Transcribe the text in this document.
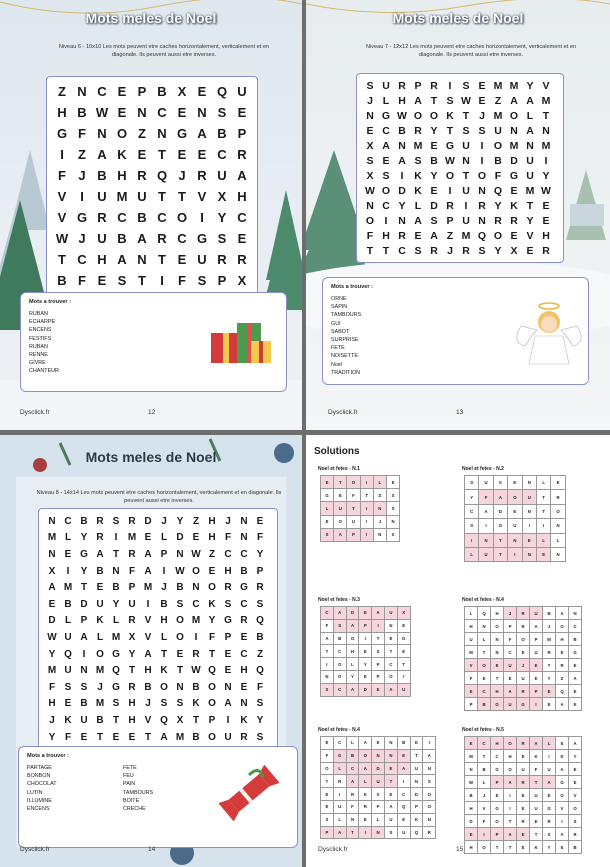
Mots meles de Noel
Niveau 6 - 10x10 Les mots peuvent etre caches horizontalement, verticalement et en diagonale. Ils peuvent aussi etre inverses.
Z	N	C	E	P	B	X	E	Q	U
H	B	W	E	N	C	E	N	S	E
G	F	N	O	Z	N	G	A	B	P
I	Z	A	K	E	T	E	E	C	R
F	J	B	H	R	Q	J	R	U	A
V	I	U	M	U	T	T	V	X	H
V	G	R	C	B	C	O	I	Y	C
W	J	U	B	A	R	C	G	S	E
T	C	H	A	N	T	E	U	R	R
B	F	E	S	T	I	F	S	P	X
Mots a trouver :
RUBAN
ECHARPE
ENCENS
FESTIFS
RUBAN
RENNE
GIVRE
CHANTEUR
Dysclick.fr	12
Mots meles de Noel
Niveau 7 - 12x12 Les mots peuvent etre caches horizontalement, verticalement et en diagonale. Ils peuvent aussi etre inverses.
S	U	R	P	R	I	S	E	M	M	Y	V
J	L	H	A	T	S	W	E	Z	A	A	M
N	G	W	O	O	K	T	J	M	O	L	T
E	C	B	R	Y	T	S	S	U	N	A	N
X	A	N	M	E	G	U	I	O	M	N	M
S	E	A	S	B	W	N	I	B	D	U	I
X	S	I	K	Y	O	T	O	F	G	U	Y
W	O	D	K	E	I	U	N	Q	E	M	W
N	C	Y	L	D	R	I	R	Y	K	T	E
O	I	N	A	S	P	U	N	R	R	Y	E
F	H	R	E	A	Z	M	Q	O	E	V	H
T	T	C	S	R	J	R	S	Y	X	E	R
Mots a trouver :
ORNE
SAPIN
TAMBOURS
GUI
SABOT
SURPRISE
FETE
NOISETTE
Noel
TRADITION
Dysclick.fr	13
Mots meles de Noel
Niveau 8 - 14x14 Les mots peuvent etre caches horizontalement, verticalement et en diagonale. Ils peuvent aussi etre inverses.
N	C	B	R	S	R	D	J	Y	Z	H	J	N	E
M	L	Y	R	I	M	E	L	D	E	H	F	N	F
N	E	G	A	T	R	A	P	N	W	Z	C	C	Y
X	I	Y	B	N	F	A	I	W	O	E	H	B	P
A	M	T	E	B	P	M	J	B	N	O	R	G	R
E	B	D	U	Y	U	I	B	S	C	K	S	C	S
D	L	P	K	L	R	V	H	O	M	Y	G	R	Q
W	U	A	L	M	X	V	L	O	I	F	P	E	B
Y	Q	I	O	G	Y	A	T	E	R	T	E	C	Z
M	U	N	M	Q	T	H	K	T	W	Q	E	H	Q
F	S	S	J	G	R	B	O	N	B	O	N	E	F
H	E	B	M	S	H	J	S	S	K	O	A	N	S
J	K	U	B	T	H	V	Q	X	T	P	I	K	Y
Y	F	E	T	E	E	T	A	M	B	O	U	R	S
Mots a trouver :
PARTAGE
BONBON
CHOCOLAT
LUTIN
ILLUMINE
ENCENS
FETE
FEU
PAIN
TAMBOURS
BOITE
CRECHE
Dysclick.fr	14
Solutions
Noel et fetes - N.1
E	T	O	I	L	E
G	E	F	T	Z	S
L	U	T	I	N	S
E	O	U	I	J	N
S	A	P	I	N	X
Noel et fetes - N.2
S	U	S	E	N	L	E
Y	F	A	O	U	T	R
C	A	D	E	N	T	O
S	I	O	U	I	I	N
I	N	T	N	E	L	L
L	U	T	I	N	E	N
Noel et fetes - N.3
C	A	D	E	A	U	X
F	S	A	P	I	N	E
A	B	O	I	T	E	G
T	C	H	E	S	T	E
I	O	L	Y	P	C	T
N	O	Y	E	P	O	I
S	C	A	D	E	A	U
Noel et fetes - N.4
L	Q	H	J	R	U	B	A	N
H	N	O	P	R	A	J	O	C
U	L	N	F	O	P	M	H	B
M	T	N	C	E	U	R	E	G
V	O	E	U	J	E	T	R	E
F	E	T	E	U	E	Y	Z	A
E	C	H	A	R	P	E	Q	E
P	B	O	U	G	I	E	A	E
Noel et fetes - N.4
E	C	L	A	E	N	B	E	I
F	G	B	O	N	N	E	T	A
O	L	C	A	D	E	A	U	N
T	R	A	L	U	T	I	N	S
E	I	R	K	X	E	C	D	O
E	U	F	R	P	A	Q	P	O
S	L	N	E	L	U	E	K	N
P	A	T	I	N	S	U	Q	R
Noel et fetes - N.5
E	C	H	O	R	A	L	E	A
M	T	C	H	E	K	I	K	Y
N	B	G	O	U	F	U	A	E
W	L	P	A	R	T	A	G	E
B	J	E	I	E	U	E	O	V
H	V	G	I	E	U	G	V	O
D	F	O	T	R	E	R	I	S
E	I	P	A	E	T	S	A	R
H	O	T	T	E	K	Y	E	B
Dysclick.fr	15
